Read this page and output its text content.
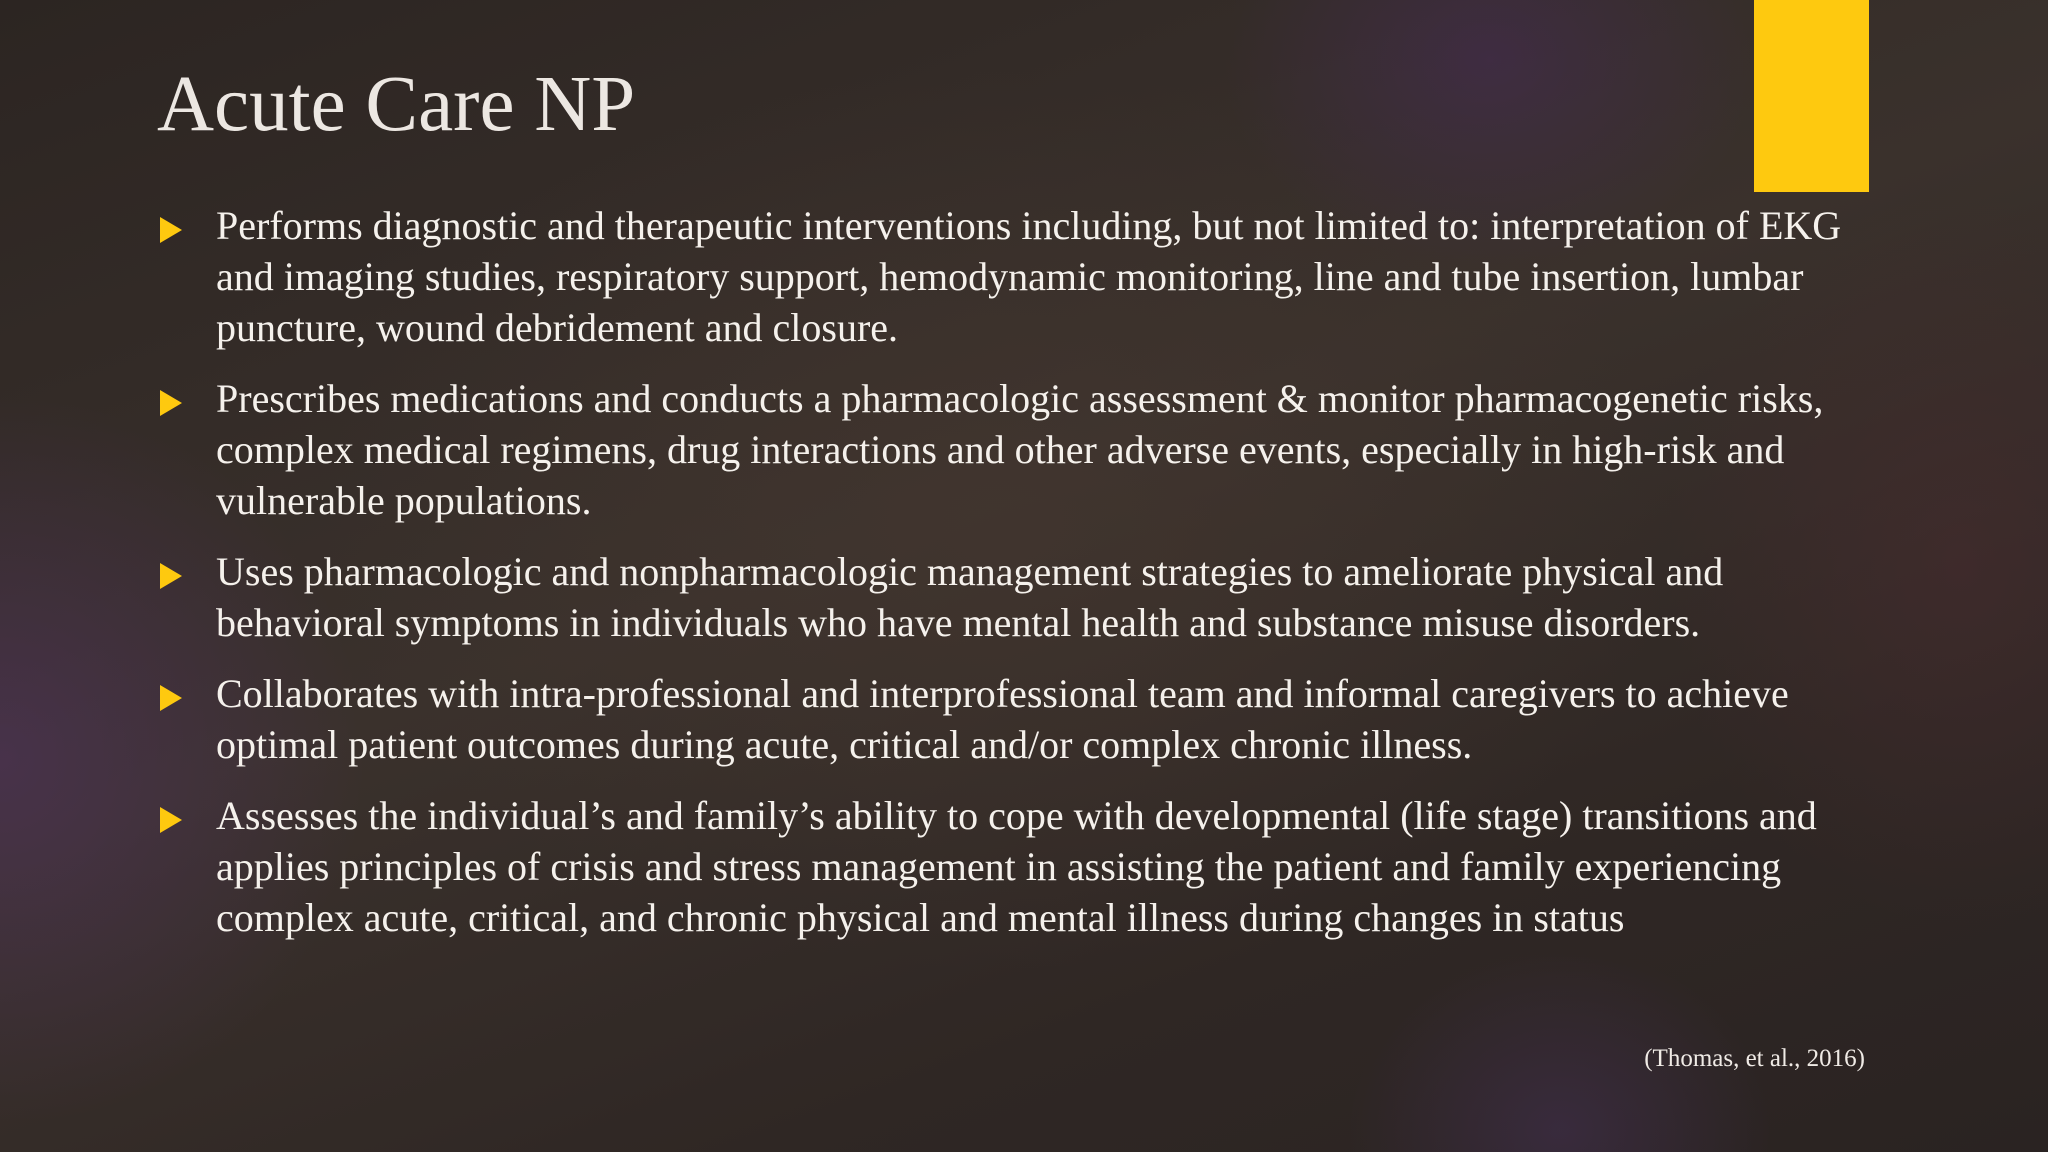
Acute Care NP
Performs diagnostic and therapeutic interventions including, but not limited to: interpretation of EKG and imaging studies, respiratory support, hemodynamic monitoring, line and tube insertion, lumbar puncture, wound debridement and closure.
Prescribes medications and conducts a pharmacologic assessment & monitor pharmacogenetic risks, complex medical regimens, drug interactions and other adverse events, especially in high-risk and vulnerable populations.
Uses pharmacologic and nonpharmacologic management strategies to ameliorate physical and behavioral symptoms in individuals who have mental health and substance misuse disorders.
Collaborates with intra-professional and interprofessional team and informal caregivers to achieve optimal patient outcomes during acute, critical and/or complex chronic illness.
Assesses the individual’s and family’s ability to cope with developmental (life stage) transitions and applies principles of crisis and stress management in assisting the patient and family experiencing complex acute, critical, and chronic physical and mental illness during changes in status
(Thomas, et al., 2016)
